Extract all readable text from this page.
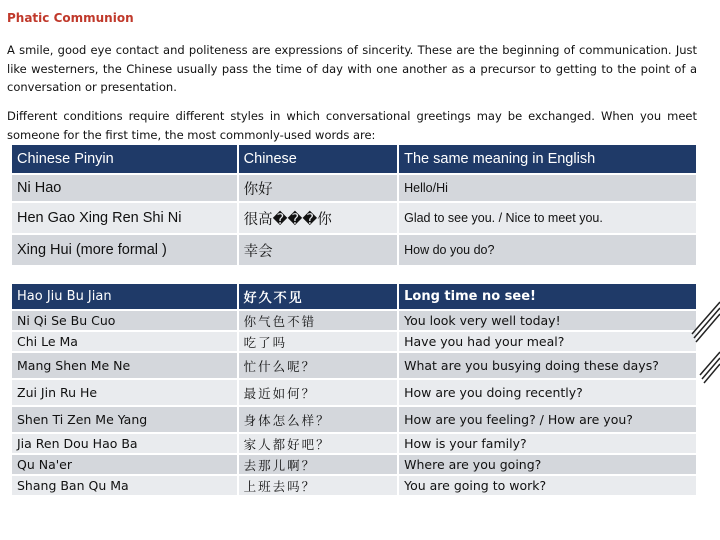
Phatic Communion
A smile, good eye contact and politeness are expressions of sincerity. These are the beginning of communication. Just like westerners, the Chinese usually pass the time of day with one another as a precursor to getting to the point of a conversation or presentation.
Different conditions require different styles in which conversational greetings may be exchanged. When you meet someone for the first time, the most commonly-used words are:
Chinese Pinyin	Chinese	The same meaning in English
Ni Hao	你好	Hello/Hi
Hen Gao Xing Ren Shi Ni	很高���你	Glad to see you. / Nice to meet you.
Xing Hui (more formal )	幸会	How do you do?
Hao Jiu Bu Jian	好久不见	Long time no see!
Ni Qi Se Bu Cuo	你气色不错	You look very well today!
Chi Le Ma	吃了吗	Have you had your meal?
Mang Shen Me Ne	忙什么呢？	What are you busying doing these days?
Zui Jin Ru He	最近如何？	How are you doing recently?
Shen Ti Zen Me Yang	身体怎么样？	How are you feeling? / How are you?
Jia Ren Dou Hao Ba	家人都好吧？	How is your family?
Qu Na'er	去那儿啊？	Where are you going?
Shang Ban Qu Ma	上班去吗？	You are going to work?
